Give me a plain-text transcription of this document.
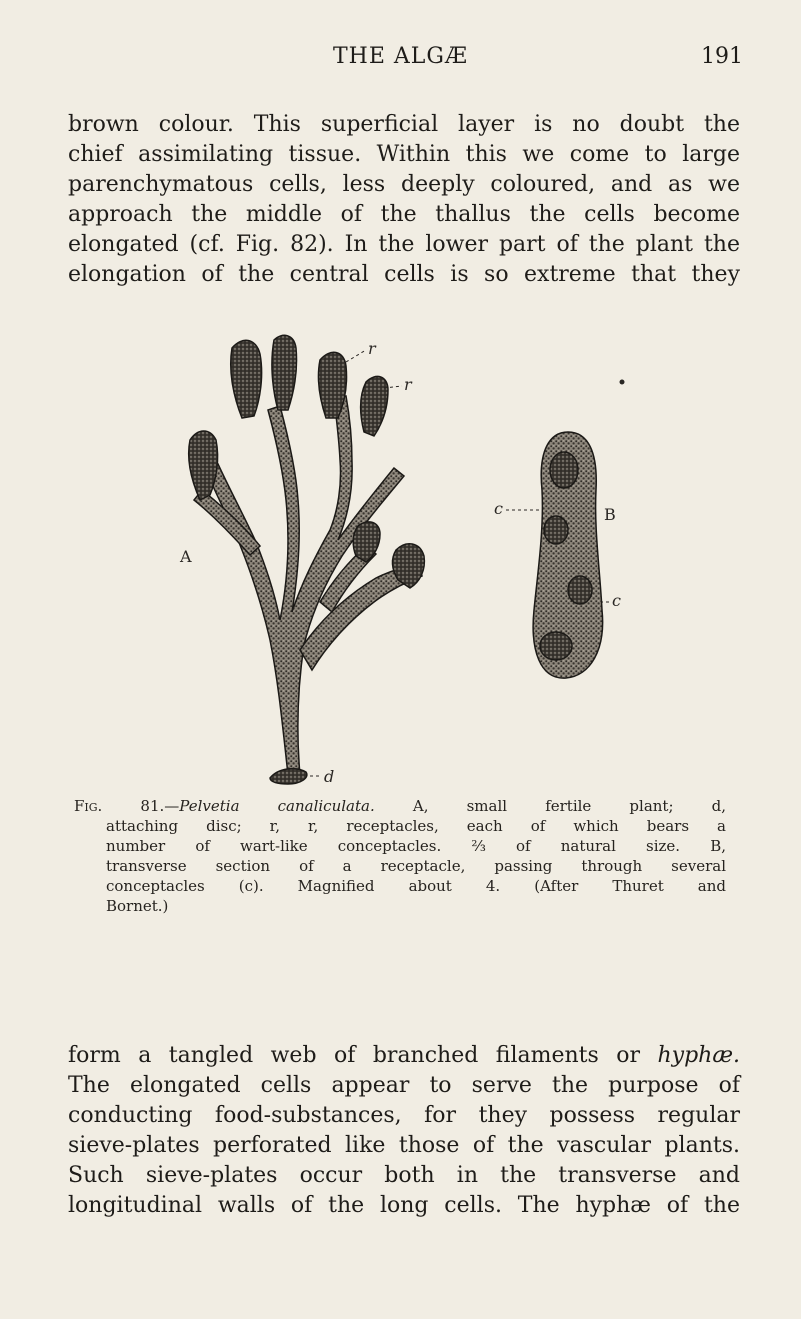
THE ALGÆ	191
brown colour. This superficial layer is no doubt the
chief assimilating tissue. Within this we come to large
parenchymatous cells, less deeply coloured, and as we
approach the middle of the thallus the cells become
elongated (cf. Fig. 82). In the lower part of the plant the
elongation of the central cells is so extreme that they
r
r
A
B
c
c
d
Fig. 81.—Pelvetia canaliculata.	A, small fertile plant; d,
attaching disc; r, r, receptacles, each of which bears a
number of wart-like conceptacles. ⅔ of natural size. B,
transverse section of a receptacle, passing through several
conceptacles (c). Magnified about 4. (After Thuret and
Bornet.)
form a tangled web of branched filaments or hyphæ.
The elongated cells appear to serve the purpose of
conducting food-substances, for they possess regular
sieve-plates perforated like those of the vascular plants.
Such sieve-plates occur both in the transverse and
longitudinal walls of the long cells. The hyphæ of the
